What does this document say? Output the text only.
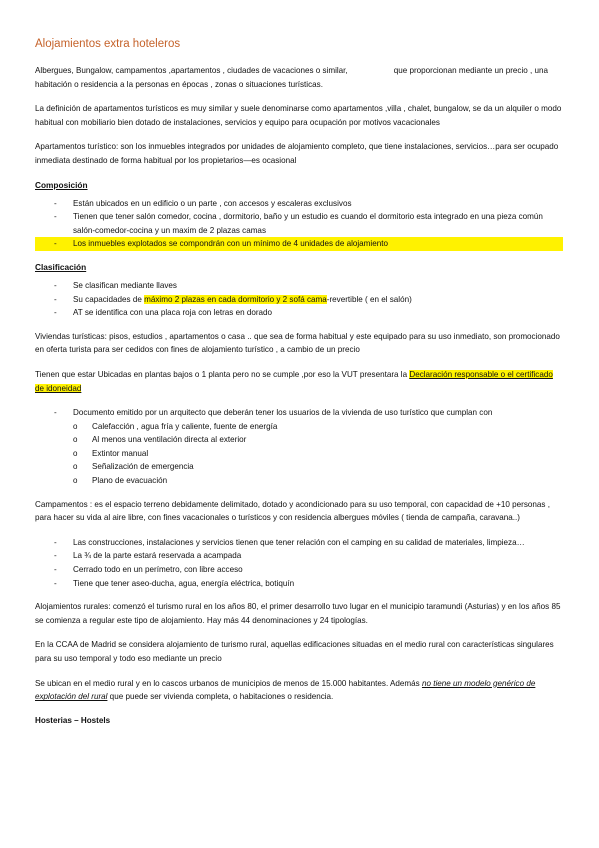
Alojamientos extra hoteleros

Albergues, Bungalow, campamentos ,apartamentos , ciudades de vacaciones o similar,	que proporcionan mediante un precio , una habitación o residencia a la personas en épocas , zonas o situaciones turísticas.

La definición de apartamentos turísticos es muy similar y suele denominarse como apartamentos ,villa , chalet, bungalow, se da un alquiler o modo habitual con mobiliario bien dotado de instalaciones, servicios y equipo para ocupación por motivos vacacionales

Apartamentos turístico: son los inmuebles integrados por unidades de alojamiento completo, que tiene instalaciones, servicios…para ser ocupado inmediata destinado de forma habitual por los propietarios—es ocasional

Composición
- Están ubicados en un edificio o un parte , con accesos y escaleras exclusivos
- Tienen que tener salón comedor, cocina , dormitorio, baño y un estudio es cuando el dormitorio esta integrado en una pieza común salón-comedor-cocina y un maxim de 2 plazas camas
- Los inmuebles explotados se compondrán con un mínimo de 4 unidades de alojamiento
Clasificación
- Se clasifican mediante llaves
- Su capacidades de máximo 2 plazas en cada dormitorio y 2 sofá cama-revertible ( en el salón)
- AT se identifica con una placa roja con letras en dorado

Viviendas turísticas: pisos, estudios , apartamentos o casa .. que sea de forma habitual y este equipado para su uso inmediato, son promocionado en oferta turista para ser cedidos con fines de alojamiento turístico , a cambio de un precio

Tienen que estar Ubicadas en plantas bajos o 1 planta pero no se cumple ,por eso la VUT presentara la Declaración responsable o el certificado de idoneidad

- Documento emitido por un arquitecto que deberán tener los usuarios de la vivienda de uso turístico que cumplan con
o Calefacción , agua fría y caliente, fuente de energía
o Al menos una ventilación directa al exterior
o Extintor manual
o Señalización de emergencia
o Plano de evacuación

Campamentos : es el espacio terreno debidamente delimitado, dotado y acondicionado para su uso temporal, con capacidad de +10 personas , para hacer su vida al aire libre, con fines vacacionales o turísticos y con residencia albergues móviles ( tienda de campaña, caravana..)

- Las construcciones, instalaciones y servicios tienen que tener relación con el camping en su calidad de materiales, limpieza…
- La ¾ de la parte estará reservada a acampada
- Cerrado todo en un perímetro, con libre acceso
- Tiene que tener aseo-ducha, agua, energía eléctrica, botiquín

Alojamientos rurales: comenzó el turismo rural en los años 80, el primer desarrollo tuvo lugar en el municipio taramundi (Asturias) y en los años 85 se comienza a regular este tipo de alojamiento. Hay más 44 denominaciones y 24 tipologías.

En la CCAA de Madrid se considera alojamiento de turismo rural, aquellas edificaciones situadas en el medio rural con características singulares para su uso temporal y todo eso mediante un precio

Se ubican en el medio rural y en lo cascos urbanos de municipios de menos de 15.000 habitantes. Además no tiene un modelo genérico de explotación del rural que puede ser vivienda completa, o habitaciones o residencia.

Hosterias – Hostels
